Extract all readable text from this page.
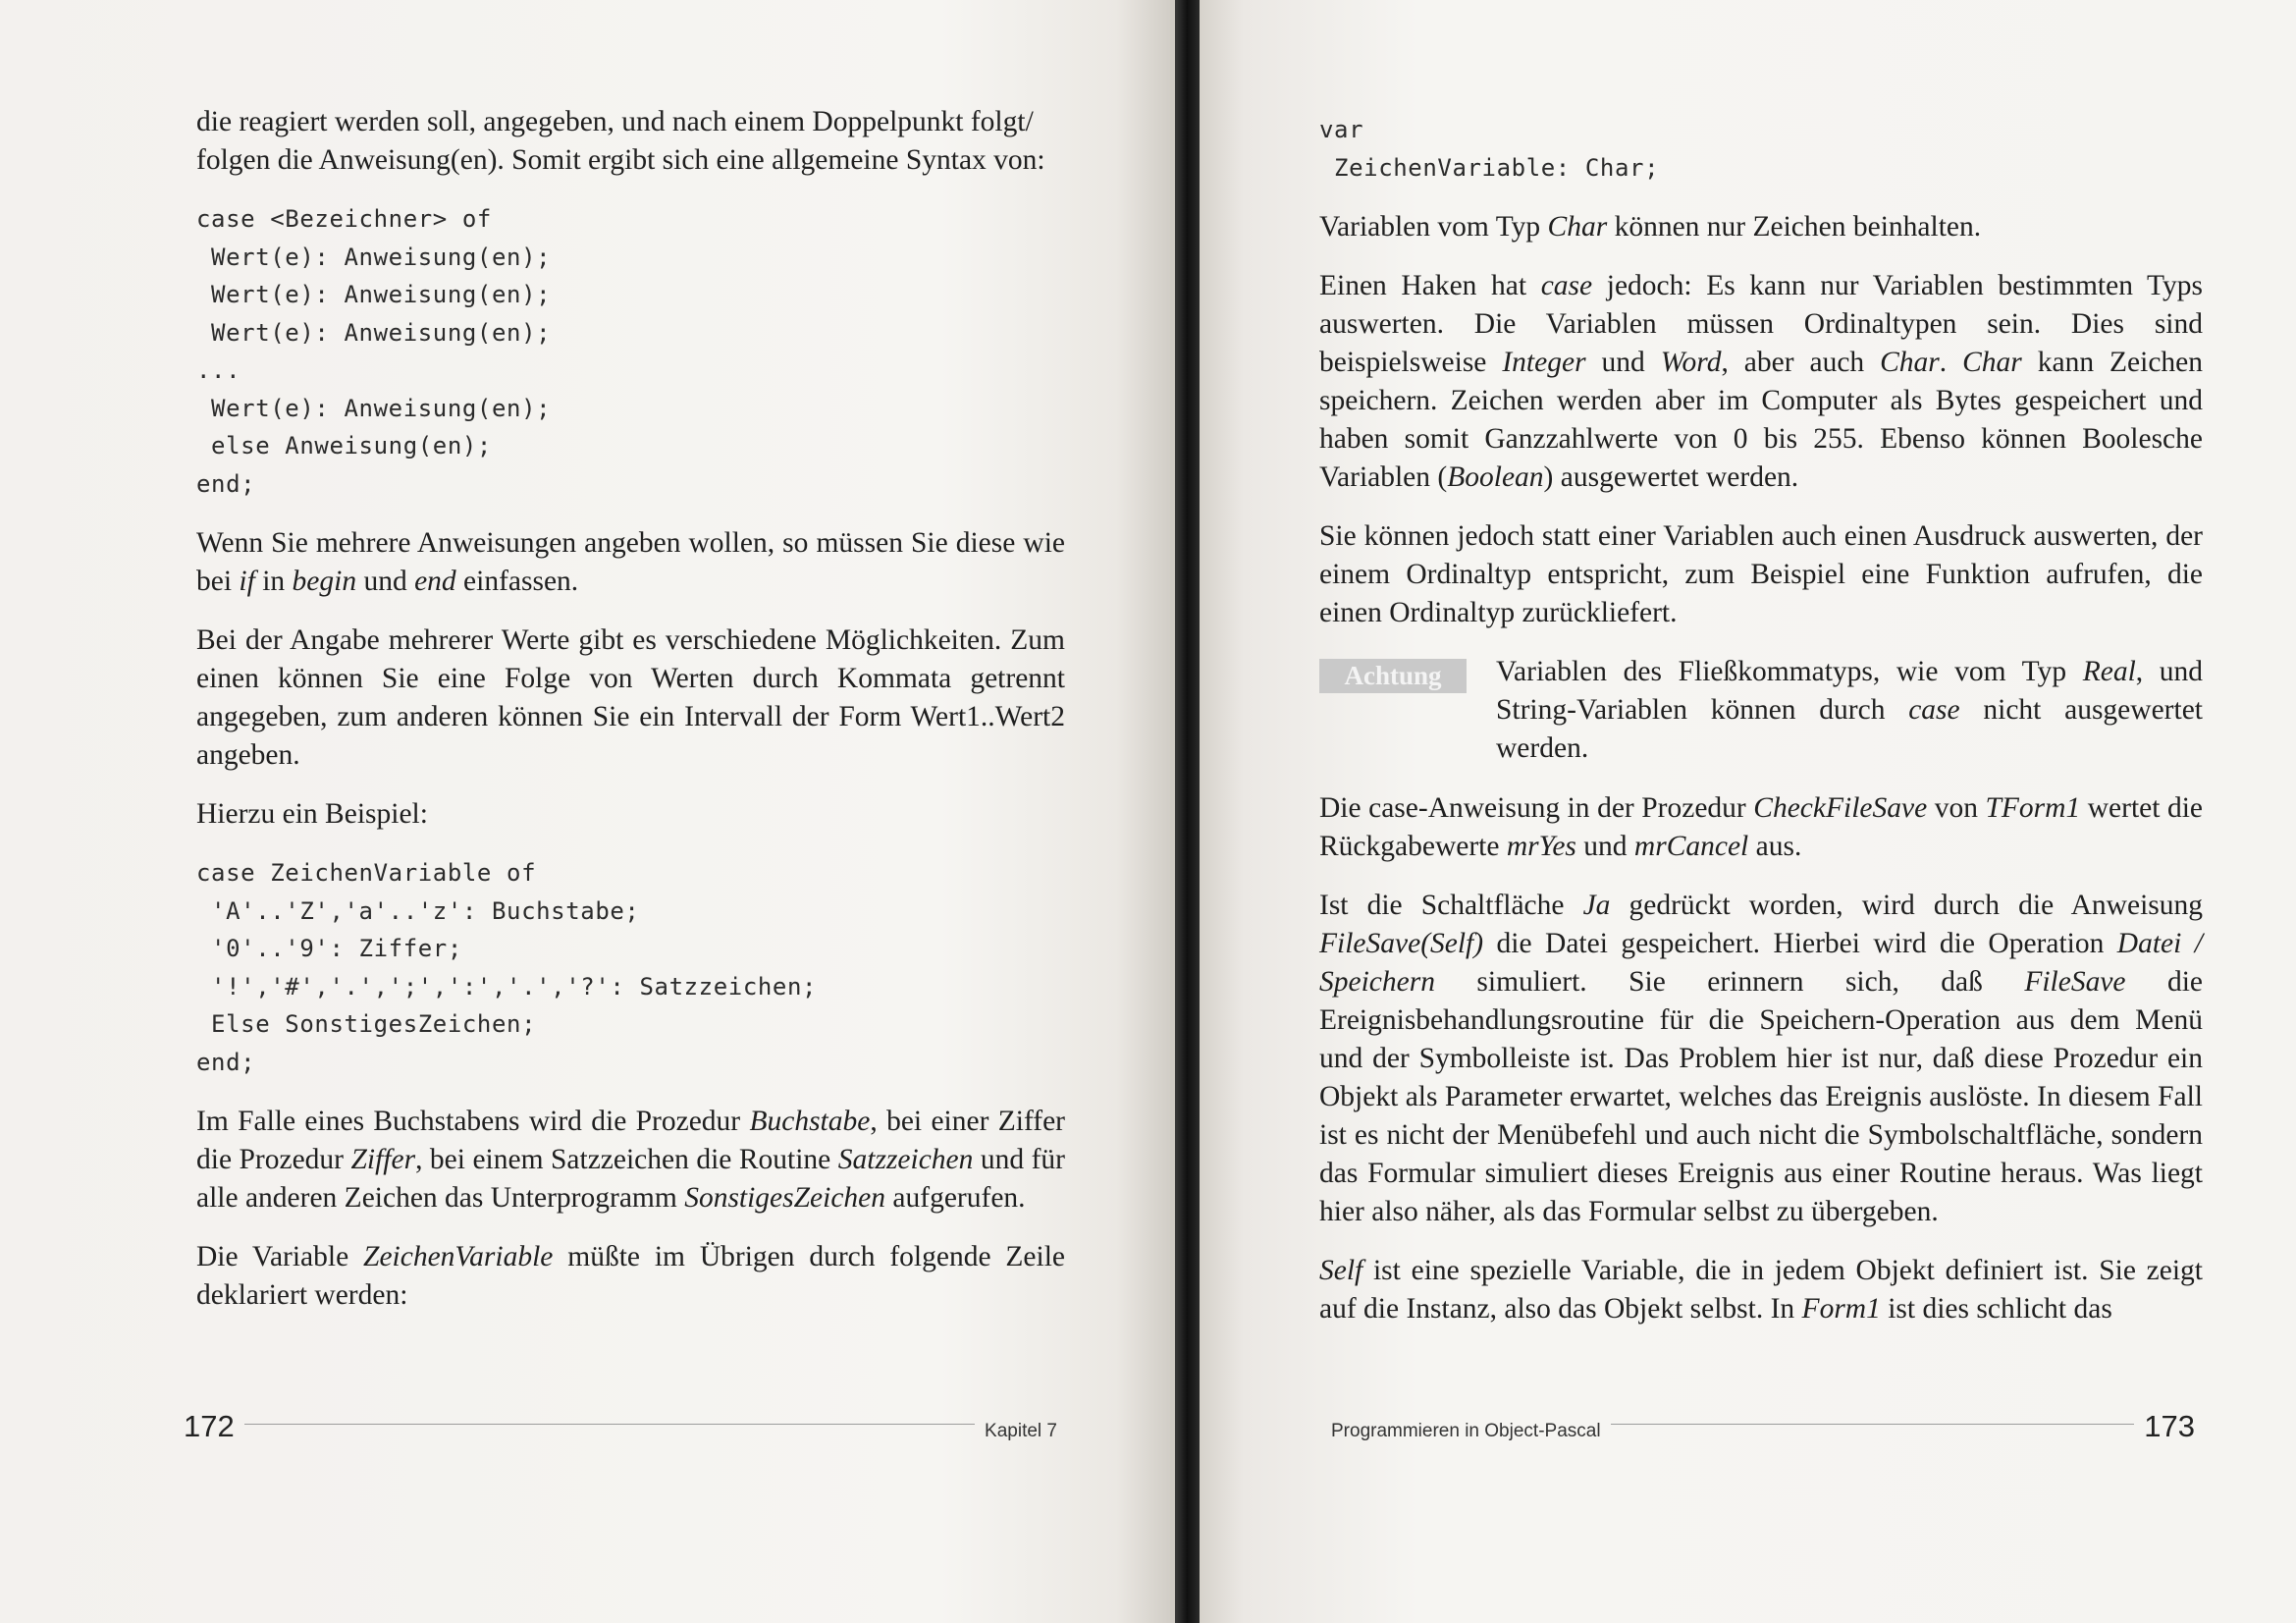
die reagiert werden soll, angegeben, und nach einem Doppelpunkt folgt/ folgen die Anweisung(en). Somit ergibt sich eine allgemeine Syntax von:

case <Bezeichner> of
Wert(e): Anweisung(en);
Wert(e): Anweisung(en);
Wert(e): Anweisung(en);
...
Wert(e): Anweisung(en);
else Anweisung(en);
end;

Wenn Sie mehrere Anweisungen angeben wollen, so müssen Sie diese wie bei if in begin und end einfassen.

Bei der Angabe mehrerer Werte gibt es verschiedene Möglichkeiten. Zum einen können Sie eine Folge von Werten durch Kommata getrennt angegeben, zum anderen können Sie ein Intervall der Form Wert1..Wert2 angeben.

Hierzu ein Beispiel:

case ZeichenVariable of
'A'..'Z','a'..'z': Buchstabe;
'0'..'9': Ziffer;
'!','#','.',';',':','.','?': Satzzeichen;
Else SonstigesZeichen;
end;

Im Falle eines Buchstabens wird die Prozedur Buchstabe, bei einer Ziffer die Prozedur Ziffer, bei einem Satzzeichen die Routine Satzzeichen und für alle anderen Zeichen das Unterprogramm SonstigesZeichen aufgerufen.

Die Variable ZeichenVariable müßte im Übrigen durch folgende Zeile deklariert werden:

172	Kapitel 7
var
ZeichenVariable: Char;

Variablen vom Typ Char können nur Zeichen beinhalten.

Einen Haken hat case jedoch: Es kann nur Variablen bestimmten Typs auswerten. Die Variablen müssen Ordinaltypen sein. Dies sind beispielsweise Integer und Word, aber auch Char. Char kann Zeichen speichern. Zeichen werden aber im Computer als Bytes gespeichert und haben somit Ganzzahlwerte von 0 bis 255. Ebenso können Boolesche Variablen (Boolean) ausgewertet werden.

Sie können jedoch statt einer Variablen auch einen Ausdruck auswerten, der einem Ordinaltyp entspricht, zum Beispiel eine Funktion aufrufen, die einen Ordinaltyp zurückliefert.

Achtung	Variablen des Fließkommatyps, wie vom Typ Real, und String-Variablen können durch case nicht ausgewertet werden.

Die case-Anweisung in der Prozedur CheckFileSave von TForm1 wertet die Rückgabewerte mrYes und mrCancel aus.

Ist die Schaltfläche Ja gedrückt worden, wird durch die Anweisung FileSave(Self) die Datei gespeichert. Hierbei wird die Operation Datei / Speichern simuliert. Sie erinnern sich, daß FileSave die Ereignisbehandlungsroutine für die Speichern-Operation aus dem Menü und der Symbolleiste ist. Das Problem hier ist nur, daß diese Prozedur ein Objekt als Parameter erwartet, welches das Ereignis auslöste. In diesem Fall ist es nicht der Menübefehl und auch nicht die Symbolschaltfläche, sondern das Formular simuliert dieses Ereignis aus einer Routine heraus. Was liegt hier also näher, als das Formular selbst zu übergeben.

Self ist eine spezielle Variable, die in jedem Objekt definiert ist. Sie zeigt auf die Instanz, also das Objekt selbst. In Form1 ist dies schlicht das

Programmieren in Object-Pascal	173
